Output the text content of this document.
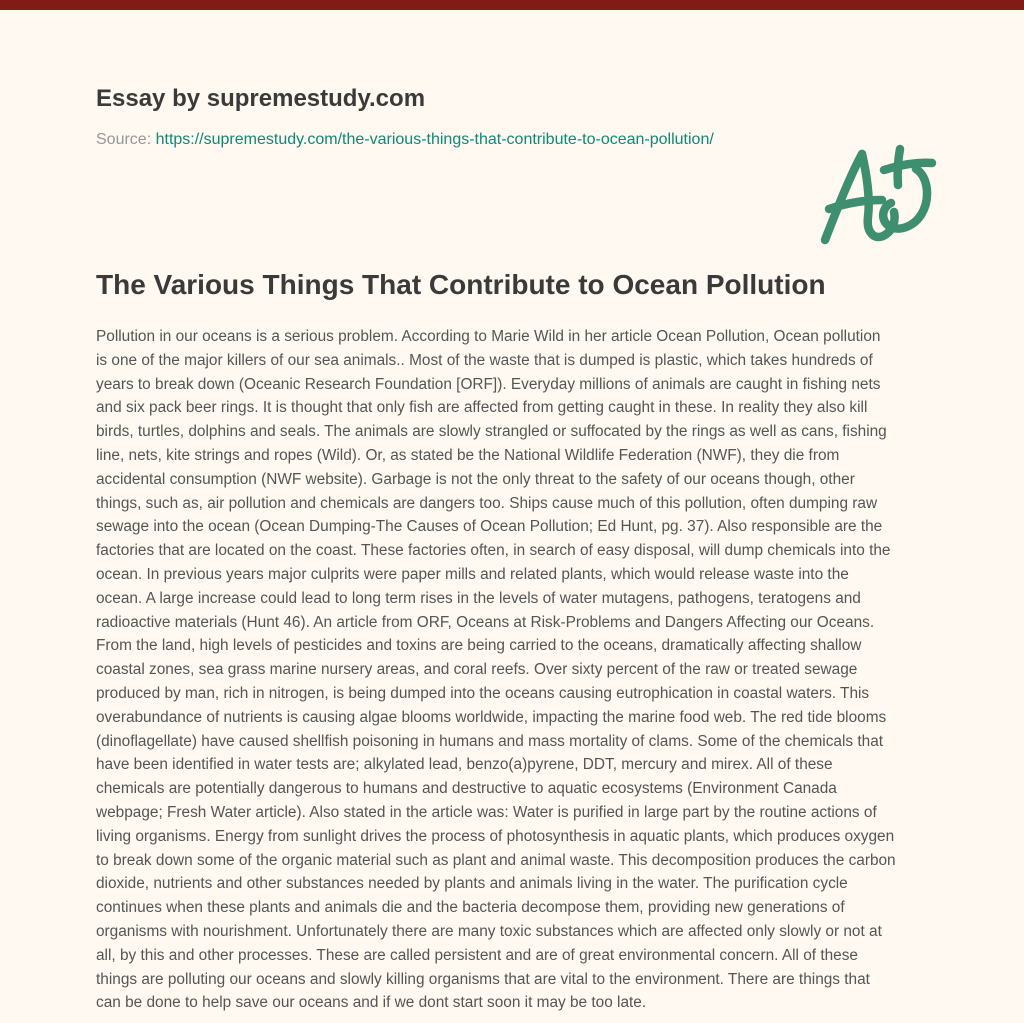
Essay by supremestudy.com
Source: https://supremestudy.com/the-various-things-that-contribute-to-ocean-pollution/
The Various Things That Contribute to Ocean Pollution
Pollution in our oceans is a serious problem. According to Marie Wild in her article Ocean Pollution, Ocean pollution
is one of the major killers of our sea animals.. Most of the waste that is dumped is plastic, which takes hundreds of
years to break down (Oceanic Research Foundation [ORF]). Everyday millions of animals are caught in fishing nets
and six pack beer rings. It is thought that only fish are affected from getting caught in these. In reality they also kill
birds, turtles, dolphins and seals. The animals are slowly strangled or suffocated by the rings as well as cans, fishing
line, nets, kite strings and ropes (Wild). Or, as stated be the National Wildlife Federation (NWF), they die from
accidental consumption (NWF website). Garbage is not the only threat to the safety of our oceans though, other
things, such as, air pollution and chemicals are dangers too. Ships cause much of this pollution, often dumping raw
sewage into the ocean (Ocean Dumping-The Causes of Ocean Pollution; Ed Hunt, pg. 37). Also responsible are the
factories that are located on the coast. These factories often, in search of easy disposal, will dump chemicals into the
ocean. In previous years major culprits were paper mills and related plants, which would release waste into the
ocean. A large increase could lead to long term rises in the levels of water mutagens, pathogens, teratogens and
radioactive materials (Hunt 46). An article from ORF, Oceans at Risk-Problems and Dangers Affecting our Oceans.
From the land, high levels of pesticides and toxins are being carried to the oceans, dramatically affecting shallow
coastal zones, sea grass marine nursery areas, and coral reefs. Over sixty percent of the raw or treated sewage
produced by man, rich in nitrogen, is being dumped into the oceans causing eutrophication in coastal waters. This
overabundance of nutrients is causing algae blooms worldwide, impacting the marine food web. The red tide blooms
(dinoflagellate) have caused shellfish poisoning in humans and mass mortality of clams. Some of the chemicals that
have been identified in water tests are; alkylated lead, benzo(a)pyrene, DDT, mercury and mirex. All of these
chemicals are potentially dangerous to humans and destructive to aquatic ecosystems (Environment Canada
webpage; Fresh Water article). Also stated in the article was: Water is purified in large part by the routine actions of
living organisms. Energy from sunlight drives the process of photosynthesis in aquatic plants, which produces oxygen
to break down some of the organic material such as plant and animal waste. This decomposition produces the carbon
dioxide, nutrients and other substances needed by plants and animals living in the water. The purification cycle
continues when these plants and animals die and the bacteria decompose them, providing new generations of
organisms with nourishment. Unfortunately there are many toxic substances which are affected only slowly or not at
all, by this and other processes. These are called persistent and are of great environmental concern. All of these
things are polluting our oceans and slowly killing organisms that are vital to the environment. There are things that
can be done to help save our oceans and if we dont start soon it may be too late.
